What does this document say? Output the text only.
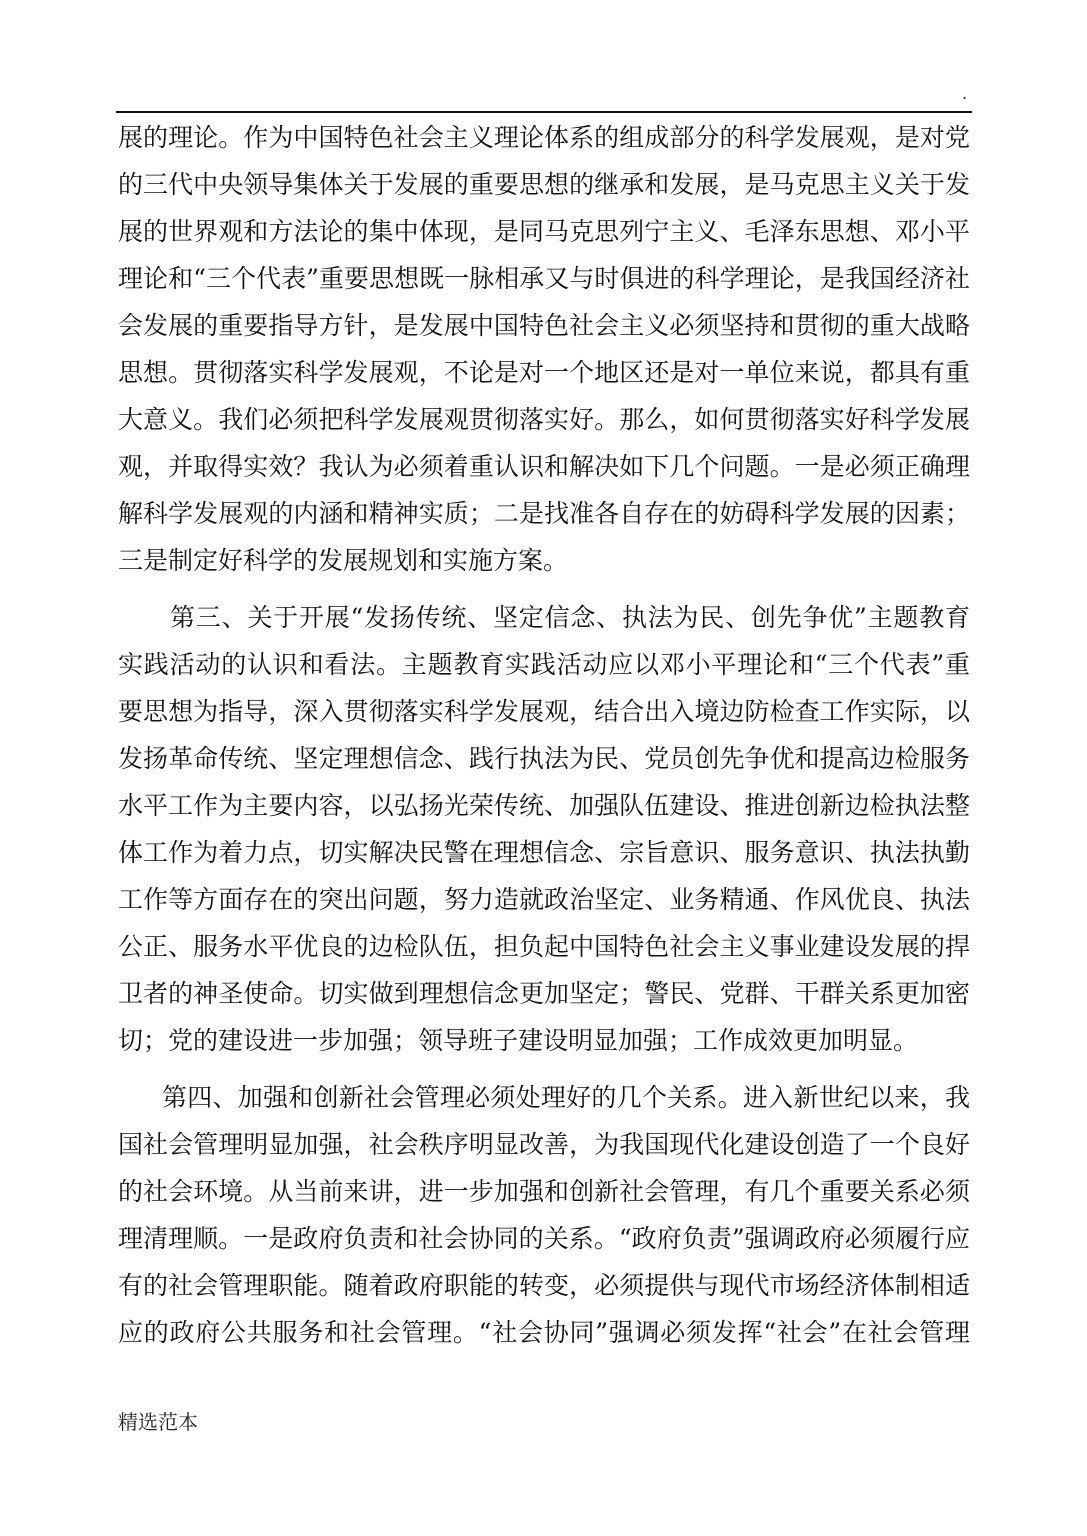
.
展的理论。作为中国特色社会主义理论体系的组成部分的科学发展观，是对党
的三代中央领导集体关于发展的重要思想的继承和发展，是马克思主义关于发
展的世界观和方法论的集中体现，是同马克思列宁主义、毛泽东思想、邓小平
理论和“三个代表”重要思想既一脉相承又与时俱进的科学理论，是我国经济社
会发展的重要指导方针，是发展中国特色社会主义必须坚持和贯彻的重大战略
思想。贯彻落实科学发展观，不论是对一个地区还是对一单位来说，都具有重
大意义。我们必须把科学发展观贯彻落实好。那么，如何贯彻落实好科学发展
观，并取得实效？我认为必须着重认识和解决如下几个问题。一是必须正确理
解科学发展观的内涵和精神实质；二是找准各自存在的妨碍科学发展的因素；
三是制定好科学的发展规划和实施方案。
第三、关于开展“发扬传统、坚定信念、执法为民、创先争优”主题教育
实践活动的认识和看法。主题教育实践活动应以邓小平理论和“三个代表”重
要思想为指导，深入贯彻落实科学发展观，结合出入境边防检查工作实际，以
发扬革命传统、坚定理想信念、践行执法为民、党员创先争优和提高边检服务
水平工作为主要内容，以弘扬光荣传统、加强队伍建设、推进创新边检执法整
体工作为着力点，切实解决民警在理想信念、宗旨意识、服务意识、执法执勤
工作等方面存在的突出问题，努力造就政治坚定、业务精通、作风优良、执法
公正、服务水平优良的边检队伍，担负起中国特色社会主义事业建设发展的捍
卫者的神圣使命。切实做到理想信念更加坚定；警民、党群、干群关系更加密
切；党的建设进一步加强；领导班子建设明显加强；工作成效更加明显。
第四、加强和创新社会管理必须处理好的几个关系。进入新世纪以来，我
国社会管理明显加强，社会秩序明显改善，为我国现代化建设创造了一个良好
的社会环境。从当前来讲，进一步加强和创新社会管理，有几个重要关系必须
理清理顺。一是政府负责和社会协同的关系。“政府负责”强调政府必须履行应
有的社会管理职能。随着政府职能的转变，必须提供与现代市场经济体制相适
应的政府公共服务和社会管理。“社会协同”强调必须发挥“社会”在社会管理
精选范本
